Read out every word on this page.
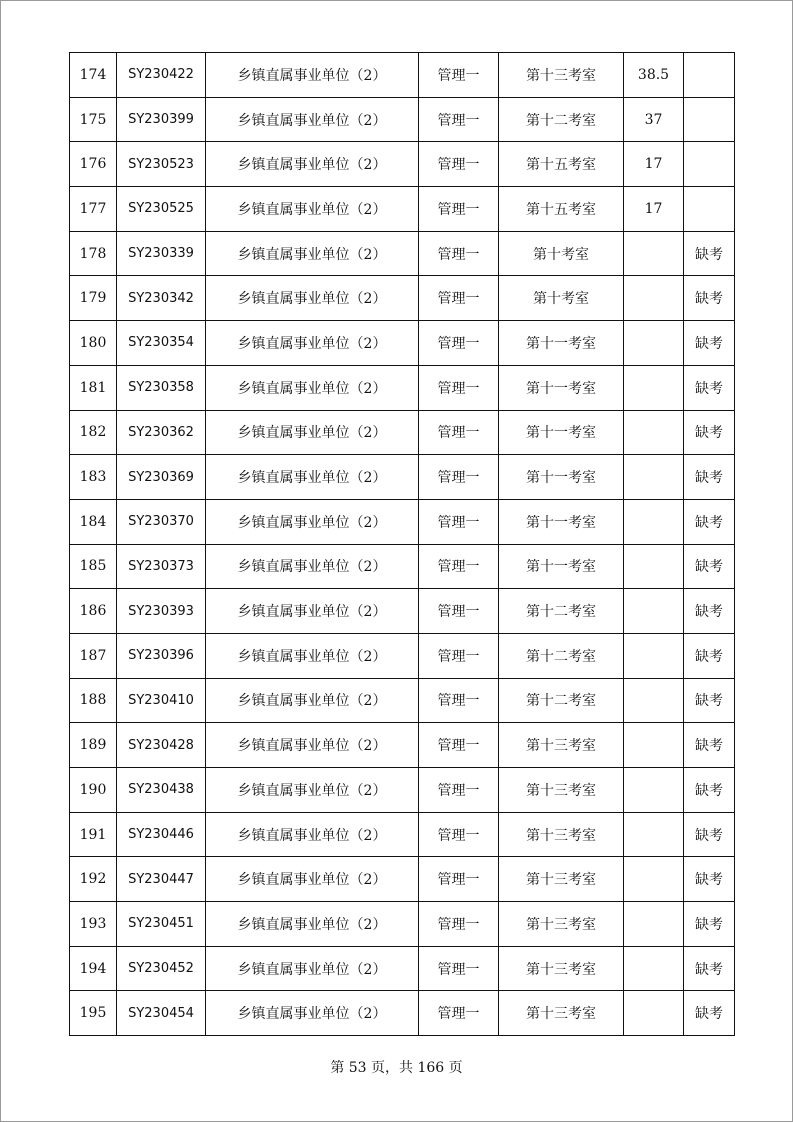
174	SY230422	乡镇直属事业单位（2）	管理一	第十三考室	38.5	
175	SY230399	乡镇直属事业单位（2）	管理一	第十二考室	37	
176	SY230523	乡镇直属事业单位（2）	管理一	第十五考室	17	
177	SY230525	乡镇直属事业单位（2）	管理一	第十五考室	17	
178	SY230339	乡镇直属事业单位（2）	管理一	第十考室		缺考
179	SY230342	乡镇直属事业单位（2）	管理一	第十考室		缺考
180	SY230354	乡镇直属事业单位（2）	管理一	第十一考室		缺考
181	SY230358	乡镇直属事业单位（2）	管理一	第十一考室		缺考
182	SY230362	乡镇直属事业单位（2）	管理一	第十一考室		缺考
183	SY230369	乡镇直属事业单位（2）	管理一	第十一考室		缺考
184	SY230370	乡镇直属事业单位（2）	管理一	第十一考室		缺考
185	SY230373	乡镇直属事业单位（2）	管理一	第十一考室		缺考
186	SY230393	乡镇直属事业单位（2）	管理一	第十二考室		缺考
187	SY230396	乡镇直属事业单位（2）	管理一	第十二考室		缺考
188	SY230410	乡镇直属事业单位（2）	管理一	第十二考室		缺考
189	SY230428	乡镇直属事业单位（2）	管理一	第十三考室		缺考
190	SY230438	乡镇直属事业单位（2）	管理一	第十三考室		缺考
191	SY230446	乡镇直属事业单位（2）	管理一	第十三考室		缺考
192	SY230447	乡镇直属事业单位（2）	管理一	第十三考室		缺考
193	SY230451	乡镇直属事业单位（2）	管理一	第十三考室		缺考
194	SY230452	乡镇直属事业单位（2）	管理一	第十三考室		缺考
195	SY230454	乡镇直属事业单位（2）	管理一	第十三考室		缺考
第 53 页，共 166 页
